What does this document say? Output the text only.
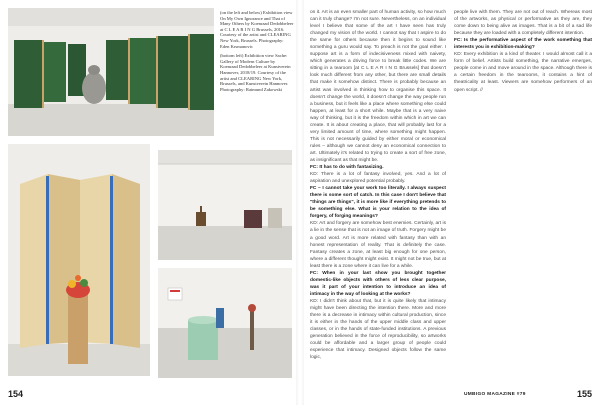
(on the left and below) Exhibition view On My Own Ignorance and That of Many Others by Koenraad Dedobbeleer at C L E A R I N G Brussels, 2016. Courtesy of the artist and CLEARING New York, Brussels. Photography: Eden Krsmanovic

(bottom left) Exhibition view Sache: Gallery of Modern Culture by Koenraad Dedobbeleer at Kunstverein Hannover, 2018/19. Courtesy of the artist and CLEARING New York, Brussels, and Kunstverein Hannover. Photography: Raimund Zakowski

154

on it. Art is an even smaller part of human activity, so how much can it truly change? I'm not sure. Nevertheless, on an individual level I believe that some of the art I have seen has truly changed my vision of the world. I cannot say that I aspire to do the same for others because then it begins to sound like something a guru would say. To preach is not the goal either. I suppose art is a form of indecisiveness mixed with naivety, which generates a driving force to break little codes. We are sitting in a tearoom [at C L E A R I N G Brussels] that doesn't look much different from any other, but there are small details that make it somehow distinct. There is probably because an artist was involved in thinking how to organise this space. It doesn't change the world, it doesn't change the way people run a business, but it feels like a place where something else could happen, at least for a short while. Maybe that is a very naive way of thinking, but it is the freedom within which in art we can create. It is about creating a place, that will probably last for a very limited amount of time, where something might happen. This is not necessarily guided by either moral or economical rules – although we cannot deny an economical connection to art. Ultimately it's related to trying to create a sort of free zone, as insignificant as that might be.

FC: It has to do with fantasizing.

KD: There is a lot of fantasy involved, yes. And a lot of aspiration and unexplored potential probably.

FC – I cannot take your work too literally. I always suspect there is some sort of catch. In this case I don't believe that "things are things", it is more like if everything pretends to be something else. What is your relation to the idea of forgery, of forging meanings?

KD: Art and forgery are somehow best enemies. Certainly, art is a lie in the sense that is not an image of truth. Forgery might be a good word. Art is more related with fantasy than with an honest representation of reality. That is definitely the case. Fantasy creates a zone, at least big enough for one person, where a different thought might exist. It might not be true, but at least there is a zone where it can live for a while.

FC: When in your last show you brought together domestic-like objects with others of less clear purpose, was it part of your intention to introduce an idea of intimacy in the way of looking at the works?

KD: I didn't think about that, but it is quite likely that intimacy might have been directing the intention there. More and more there is a decrease in intimacy within cultural production, since it is either in the hands of the upper middle class and upper classes, or in the hands of state-funded institutions. A previous generation believed in the force of reproducibility, so artworks could be affordable and a larger group of people could experience that intimacy. Designed objects follow the same logic,

people live with them. They are not out of reach. Whereas most of the artworks, as physical or performative as they are, they come down to being alive as images. That is a bit of a sad life because they are loaded with a completely different intention.

FC: Is the performative aspect of the work something that interests you in exhibition-making?

KD: Every exhibition is a kind of theater. I would almost call it a form of belief. Artists build something, the narrative emerges, people come in and move around in the space. Although there is a certain freedom in the tearooms, it contains a hint of theatricality at least. Viewers are somehow performers of an open script. //

UMBIGO MAGAZINE #79	155
